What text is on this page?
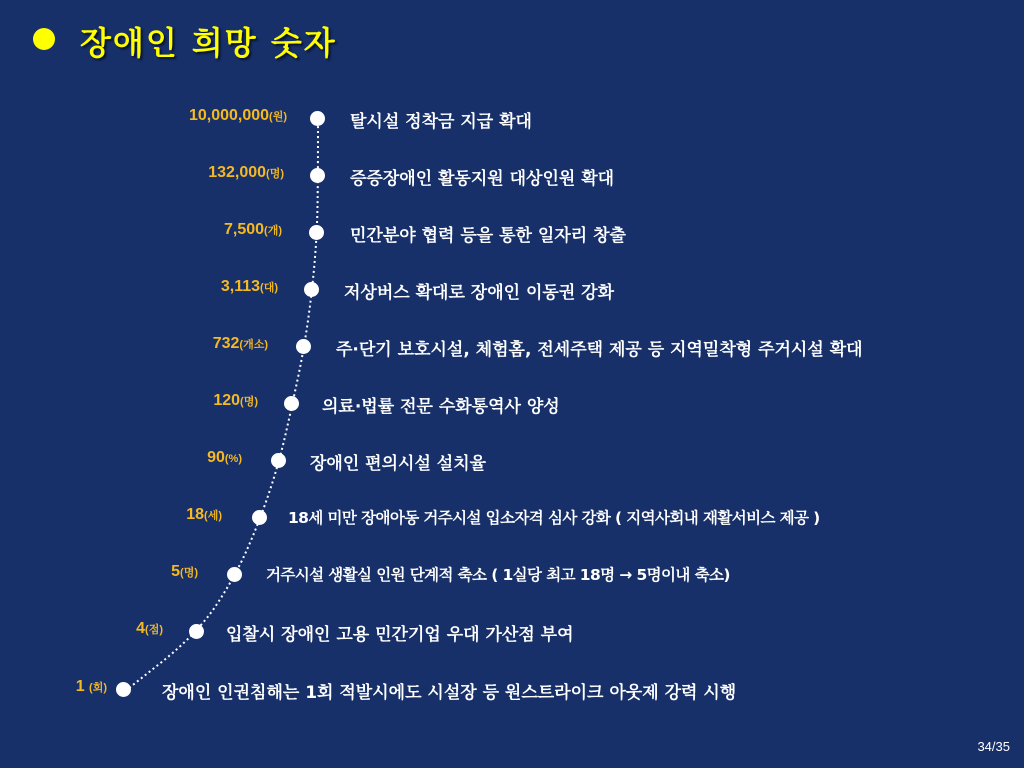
장애인 희망 숫자
10,000,000(원)	탈시설 정착금 지급 확대
132,000(명)	증증장애인 활동지원 대상인원 확대
7,500(개)	민간분야 협력 등을 통한 일자리 창출
3,113(대)	저상버스 확대로 장애인 이동권 강화
732(개소)	주·단기 보호시설, 체험홈, 전세주택 제공 등 지역밀착형 주거시설 확대
120(명)	의료·법률 전문 수화통역사 양성
90(%)	장애인 편의시설 설치율
18(세)	18세 미만 장애아동 거주시설 입소자격 심사 강화 ( 지역사회내 재활서비스 제공 )
5(명)	거주시설 생활실 인원 단계적 축소 ( 1실당 최고 18명 → 5명이내 축소)
4(점)	입찰시 장애인 고용 민간기업 우대 가산점 부여
1 (회)	장애인 인권침해는 1회 적발시에도 시설장 등 원스트라이크 아웃제 강력 시행
34/35
